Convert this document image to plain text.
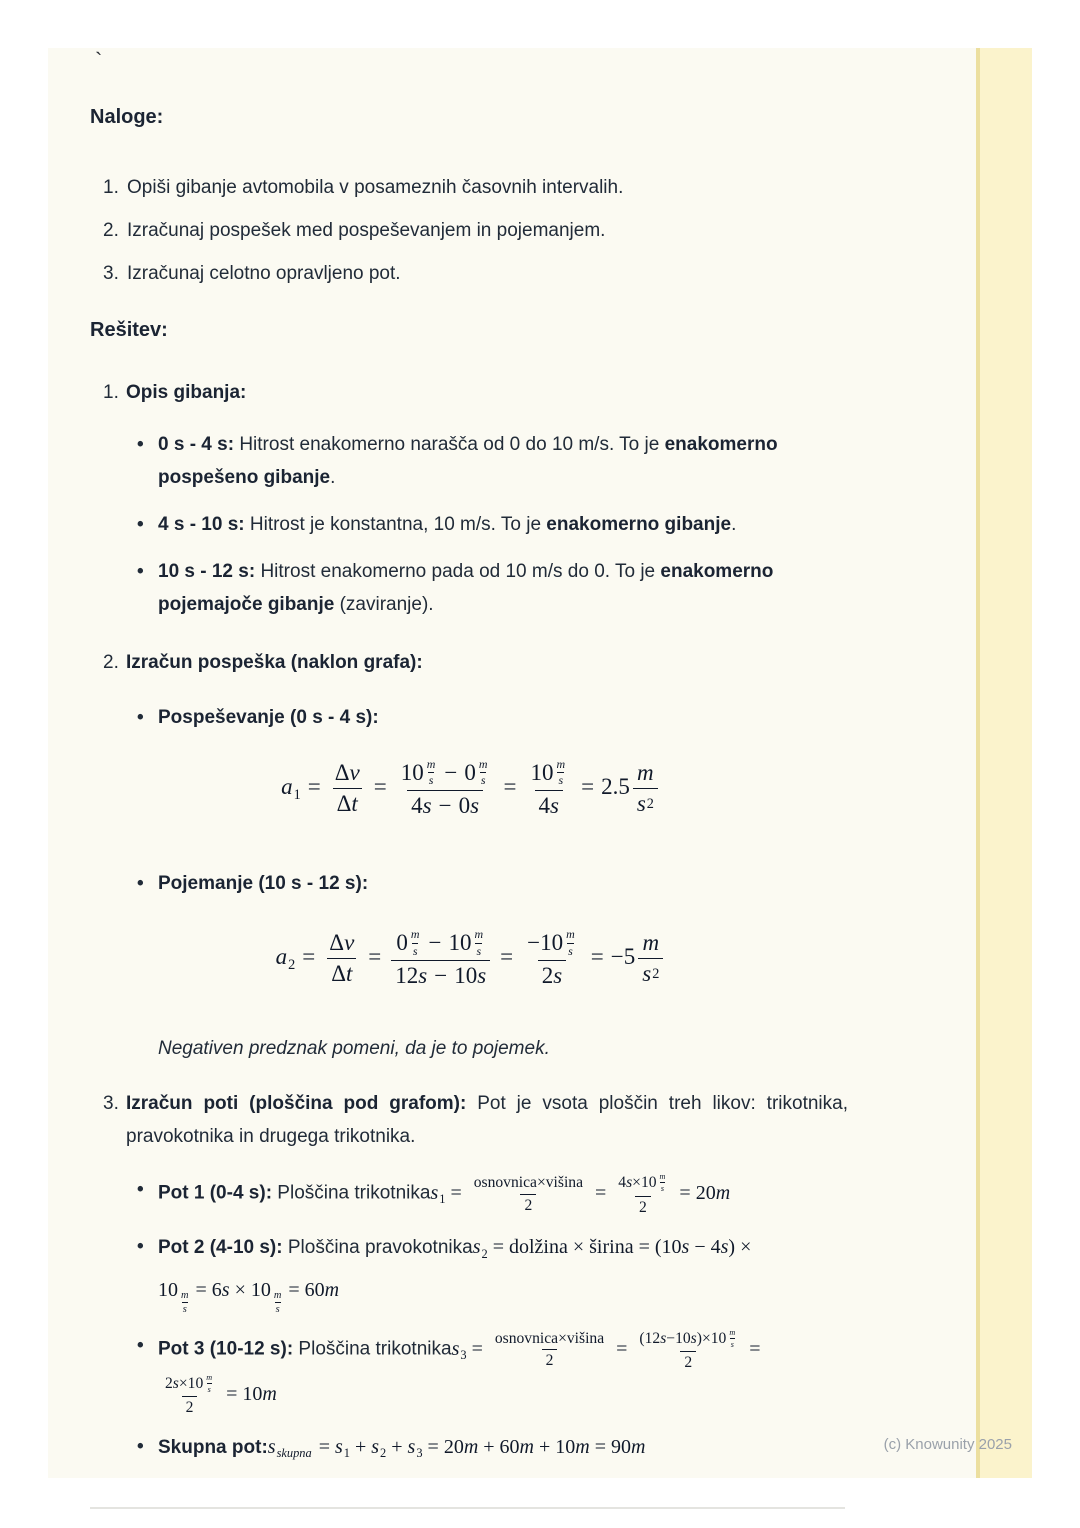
`
Naloge:
1. Opiši gibanje avtomobila v posameznih časovnih intervalih.
2. Izračunaj pospešek med pospeševanjem in pojemanjem.
3. Izračunaj celotno opravljeno pot.
Rešitev:
1. Opis gibanja:
• 0 s - 4 s: Hitrost enakomerno narašča od 0 do 10 m/s. To je enakomerno pospešeno gibanje.
• 4 s - 10 s: Hitrost je konstantna, 10 m/s. To je enakomerno gibanje.
• 10 s - 12 s: Hitrost enakomerno pada od 10 m/s do 0. To je enakomerno pojemajoče gibanje (zaviranje).
2. Izračun pospeška (naklon grafa):
• Pospeševanje (0 s - 4 s):
$a_1 = \frac{\text{Δ v}}{\text{Δ t}} = \frac{10 \frac{m}{s} - 0 \frac{m}{s}}{4 s - 0 s} = \frac{10 \frac{m}{s}}{4 s} = 2.5 \frac{m}{s 2}$
• Pojemanje (10 s - 12 s):
$a_2 = \frac{\text{Δ v}}{\text{Δ t}} = \frac{0 \frac{m}{s} - 10 \frac{m}{s}}{12 s - 10 s} = \frac{-10 \frac{m}{s}}{2 s} = -5 \frac{m}{s 2}$

Negativen predznak pomeni, da je to pojemek.

3. Izračun poti (ploščina pod grafom): Pot je vsota ploščin treh likov: trikotnika, pravokotnika in drugega trikotnika.

• Pot 1 (0-4 s): Ploščina trikotnikas$_1$ = $\frac{\text{osnovnica×višina}}{2} = \frac{4 s \times 10 \frac{m}{s}}{2} = 20m$
• Pot 2 (4-10 s): Ploščina pravokotnikas$_2$ = dolžina × širina = (10s − 4s) ×
$10 \frac{m}{s} = 6s \times 10 \frac{m}{s} = 60m$
• Pot 3 (10-12 s): Ploščina trikotnikas$_3$ = $\frac{\text{osnovnica×višina}}{2} = \frac{(12 s -10 s )\times 10 \frac{m}{s}}{2}$ =

$\frac{2 s \times 10 \frac{m}{s}}{2} = 10m$
• Skupna $pot:s_{skupna} = s_1 + s_2 + s_3 = 20m + 60m + 10m = 90m$	(c) Knowunity 2025
